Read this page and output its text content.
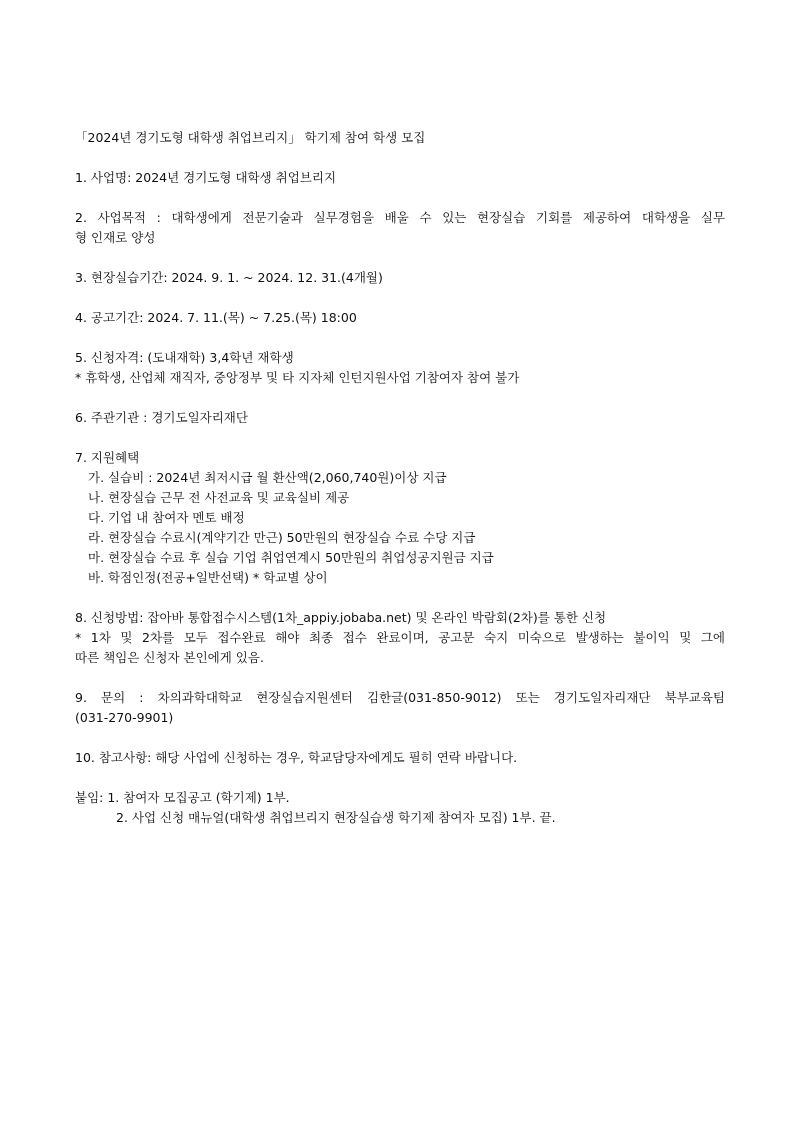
「2024년 경기도형 대학생 취업브리지」 학기제 참여 학생 모집
1. 사업명: 2024년 경기도형 대학생 취업브리지
2. 사업목적 : 대학생에게 전문기술과 실무경험을 배울 수 있는 현장실습 기회를 제공하여 대학생을 실무
형 인재로 양성
3. 현장실습기간: 2024. 9. 1. ~ 2024. 12. 31.(4개월)
4. 공고기간: 2024. 7. 11.(목) ~ 7.25.(목) 18:00
5. 신청자격: (도내재학) 3,4학년 재학생
* 휴학생, 산업체 재직자, 중앙정부 및 타 지자체 인턴지원사업 기참여자 참여 불가
6. 주관기관 : 경기도일자리재단
7. 지원혜택
가. 실습비 : 2024년 최저시급 월 환산액(2,060,740원)이상 지급
나. 현장실습 근무 전 사전교육 및 교육실비 제공
다. 기업 내 참여자 멘토 배정
라. 현장실습 수료시(계약기간 만근) 50만원의 현장실습 수료 수당 지급
마. 현장실습 수료 후 실습 기업 취업연계시 50만원의 취업성공지원금 지급
바. 학점인정(전공+일반선택) * 학교별 상이
8. 신청방법: 잡아바 통합접수시스템(1차_appiy.jobaba.net) 및 온라인 박람회(2차)를 통한 신청
* 1차 및 2차를 모두 접수완료 해야 최종 접수 완료이며, 공고문 숙지 미숙으로 발생하는 불이익 및 그에
따른 책임은 신청자 본인에게 있음.
9. 문의 : 차의과학대학교 현장실습지원센터 김한글(031-850-9012) 또는 경기도일자리재단 북부교육팀
(031-270-9901)
10. 참고사항: 해당 사업에 신청하는 경우, 학교담당자에게도 필히 연락 바랍니다.
붙임: 1. 참여자 모집공고 (학기제) 1부.
2. 사업 신청 매뉴얼(대학생 취업브리지 현장실습생 학기제 참여자 모집) 1부. 끝.
